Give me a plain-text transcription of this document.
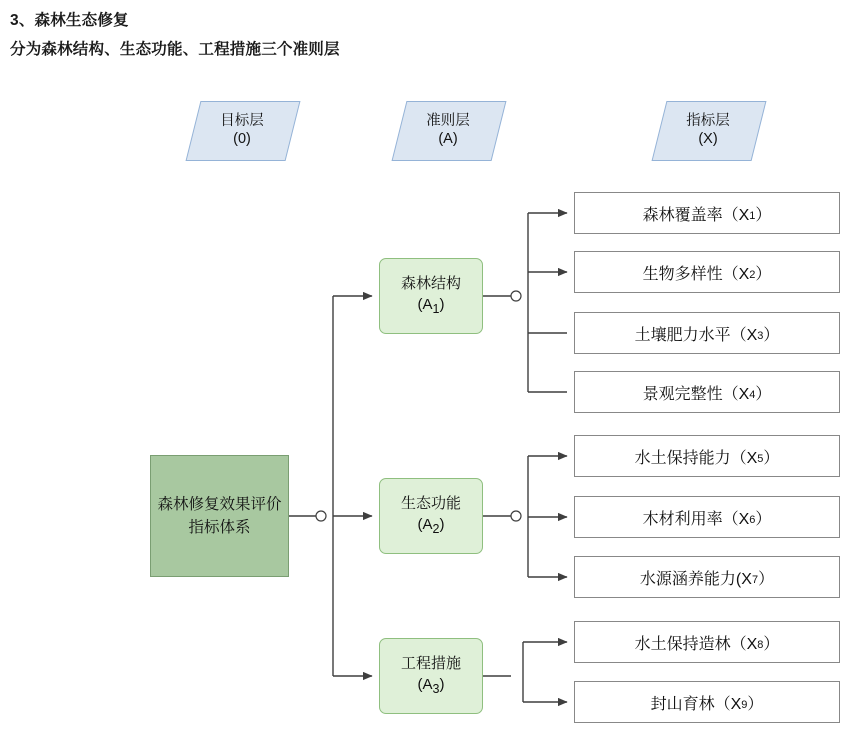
3、森林生态修复
分为森林结构、生态功能、工程措施三个准则层
目标层
(0)
准则层
(A)
指标层
(X)
森林修复效果评价指标体系
森林结构
$(A_1)$
生态功能
$(A_2)$
工程措施
$(A_3)$
森林覆盖率（$X_1$ ）
生物多样性（$X_2$ ）
土壤肥力水平（$X_3$ ）
景观完整性（$X_4$ ）
水土保持能力（$X_5$ ）
木材利用率（$X_6$ ）
水源涵养能力($X_7$ ）
水土保持造林（$X_8$ ）
封山育林（$X_9$ ）
